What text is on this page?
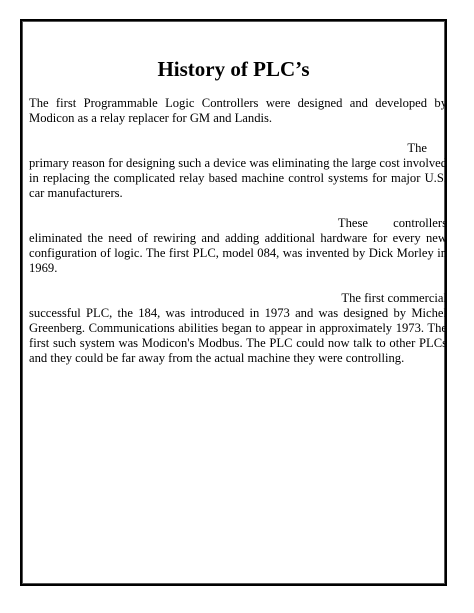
History of PLC’s

The first Programmable Logic Controllers were designed and developed by Modicon as a relay replacer for GM and Landis.

The

primary reason for designing such a device was eliminating the large cost involved in replacing the complicated relay based machine control systems for major U.S. car manufacturers.

These        controllers

eliminated the need of rewiring and adding additional hardware for every new configuration of logic. The first PLC, model 084, was invented by Dick Morley in 1969.

The first commercial

successful PLC, the 184, was introduced in 1973 and was designed by Michel Greenberg. Communications abilities began to appear in approximately 1973. The first such system was Modicon's Modbus. The PLC could now talk to other PLCs and they could be far away from the actual machine they were controlling.
